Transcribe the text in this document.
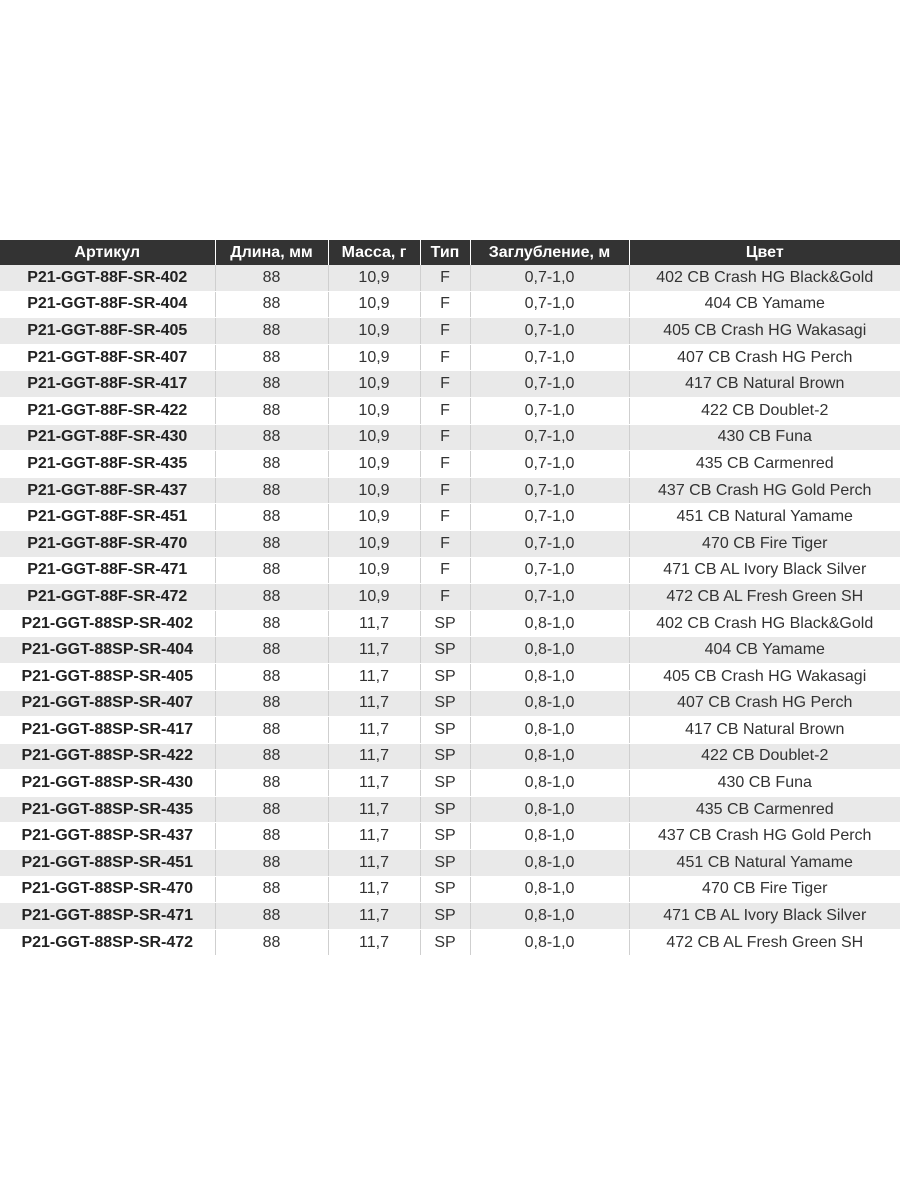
Артикул	Длина, мм	Масса, г	Тип	Заглубление, м	Цвет
P21-GGT-88F-SR-402	88	10,9	F	0,7-1,0	402 CB Crash HG Black&Gold
P21-GGT-88F-SR-404	88	10,9	F	0,7-1,0	404 CB Yamame
P21-GGT-88F-SR-405	88	10,9	F	0,7-1,0	405 CB Crash HG Wakasagi
P21-GGT-88F-SR-407	88	10,9	F	0,7-1,0	407 CB Crash HG Perch
P21-GGT-88F-SR-417	88	10,9	F	0,7-1,0	417 CB Natural Brown
P21-GGT-88F-SR-422	88	10,9	F	0,7-1,0	422 CB Doublet-2
P21-GGT-88F-SR-430	88	10,9	F	0,7-1,0	430 CB Funa
P21-GGT-88F-SR-435	88	10,9	F	0,7-1,0	435 CB Carmenred
P21-GGT-88F-SR-437	88	10,9	F	0,7-1,0	437 CB Crash HG Gold Perch
P21-GGT-88F-SR-451	88	10,9	F	0,7-1,0	451 CB Natural Yamame
P21-GGT-88F-SR-470	88	10,9	F	0,7-1,0	470 CB Fire Tiger
P21-GGT-88F-SR-471	88	10,9	F	0,7-1,0	471 CB AL Ivory Black Silver
P21-GGT-88F-SR-472	88	10,9	F	0,7-1,0	472 CB AL Fresh Green SH
P21-GGT-88SP-SR-402	88	11,7	SP	0,8-1,0	402 CB Crash HG Black&Gold
P21-GGT-88SP-SR-404	88	11,7	SP	0,8-1,0	404 CB Yamame
P21-GGT-88SP-SR-405	88	11,7	SP	0,8-1,0	405 CB Crash HG Wakasagi
P21-GGT-88SP-SR-407	88	11,7	SP	0,8-1,0	407 CB Crash HG Perch
P21-GGT-88SP-SR-417	88	11,7	SP	0,8-1,0	417 CB Natural Brown
P21-GGT-88SP-SR-422	88	11,7	SP	0,8-1,0	422 CB Doublet-2
P21-GGT-88SP-SR-430	88	11,7	SP	0,8-1,0	430 CB Funa
P21-GGT-88SP-SR-435	88	11,7	SP	0,8-1,0	435 CB Carmenred
P21-GGT-88SP-SR-437	88	11,7	SP	0,8-1,0	437 CB Crash HG Gold Perch
P21-GGT-88SP-SR-451	88	11,7	SP	0,8-1,0	451 CB Natural Yamame
P21-GGT-88SP-SR-470	88	11,7	SP	0,8-1,0	470 CB Fire Tiger
P21-GGT-88SP-SR-471	88	11,7	SP	0,8-1,0	471 CB AL Ivory Black Silver
P21-GGT-88SP-SR-472	88	11,7	SP	0,8-1,0	472 CB AL Fresh Green SH
